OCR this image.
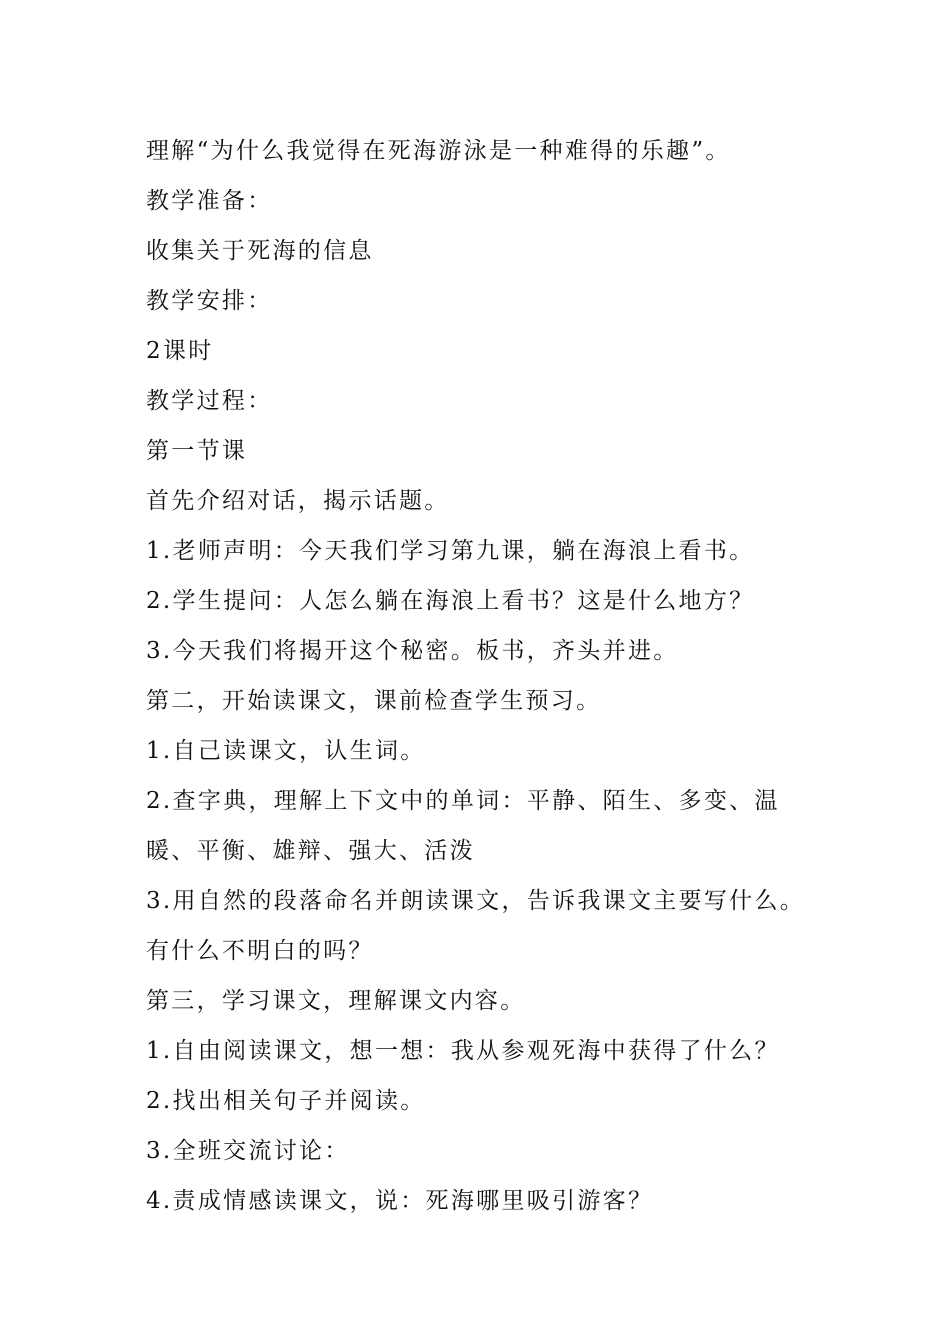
理解“为什么我觉得在死海游泳是一种难得的乐趣”。
教学准备：
收集关于死海的信息
教学安排：
2课时
教学过程：
第一节课
首先介绍对话，揭示话题。
1.老师声明：今天我们学习第九课，躺在海浪上看书。
2.学生提问：人怎么躺在海浪上看书？这是什么地方？
3.今天我们将揭开这个秘密。板书，齐头并进。
第二，开始读课文，课前检查学生预习。
1.自己读课文，认生词。
2.查字典，理解上下文中的单词：平静、陌生、多变、温
暖、平衡、雄辩、强大、活泼
3.用自然的段落命名并朗读课文，告诉我课文主要写什么。
有什么不明白的吗？
第三，学习课文，理解课文内容。
1.自由阅读课文，想一想：我从参观死海中获得了什么？
2.找出相关句子并阅读。
3.全班交流讨论：
4.责成情感读课文，说：死海哪里吸引游客？
